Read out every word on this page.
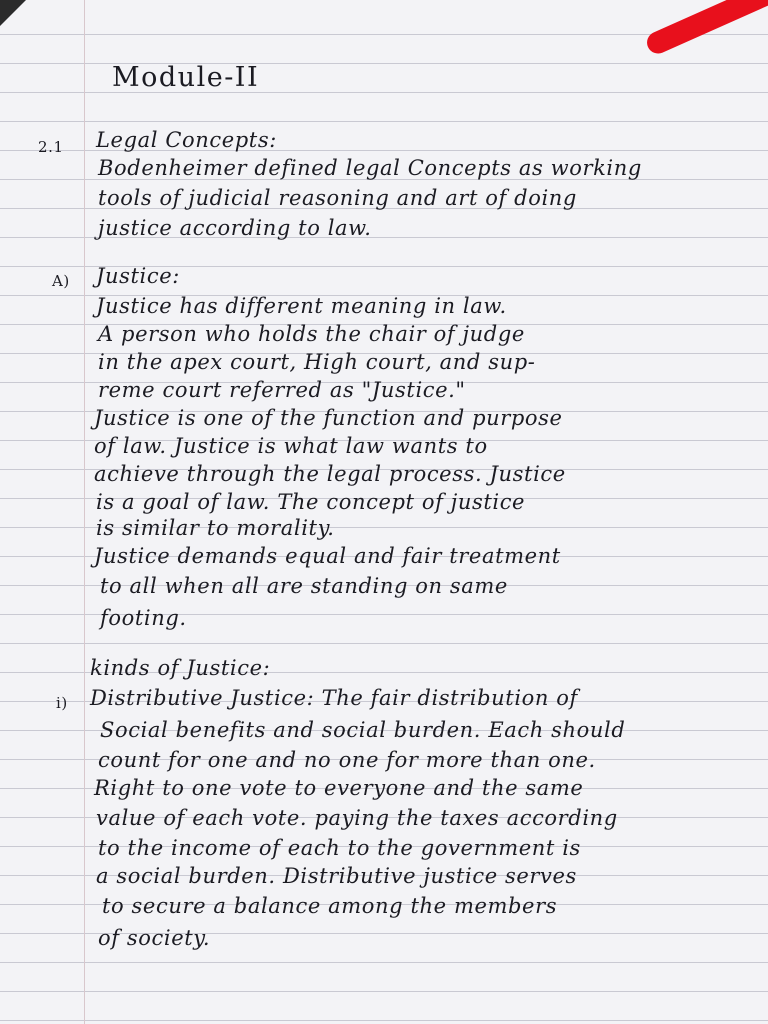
Module-II
2.1 Legal Concepts:
Bodenheimer defined legal Concepts as working
tools of judicial reasoning and art of doing
justice according to law.
A) Justice:
Justice has different meaning in law.
A person who holds the chair of judge
in the apex court, High court, and sup-
reme court referred as "Justice."
Justice is one of the function and purpose
of law. Justice is what law wants to
achieve through the legal process. Justice
is a goal of law. The concept of justice
is similar to morality.
Justice demands equal and fair treatment
to all when all are standing on same
footing.
kinds of Justice:
i) Distributive Justice: The fair distribution of
Social benefits and social burden. Each should
count for one and no one for more than one.
Right to one vote to everyone and the same
value of each vote. paying the taxes according
to the income of each to the government is
a social burden. Distributive justice serves
to secure a balance among the members
of society.
